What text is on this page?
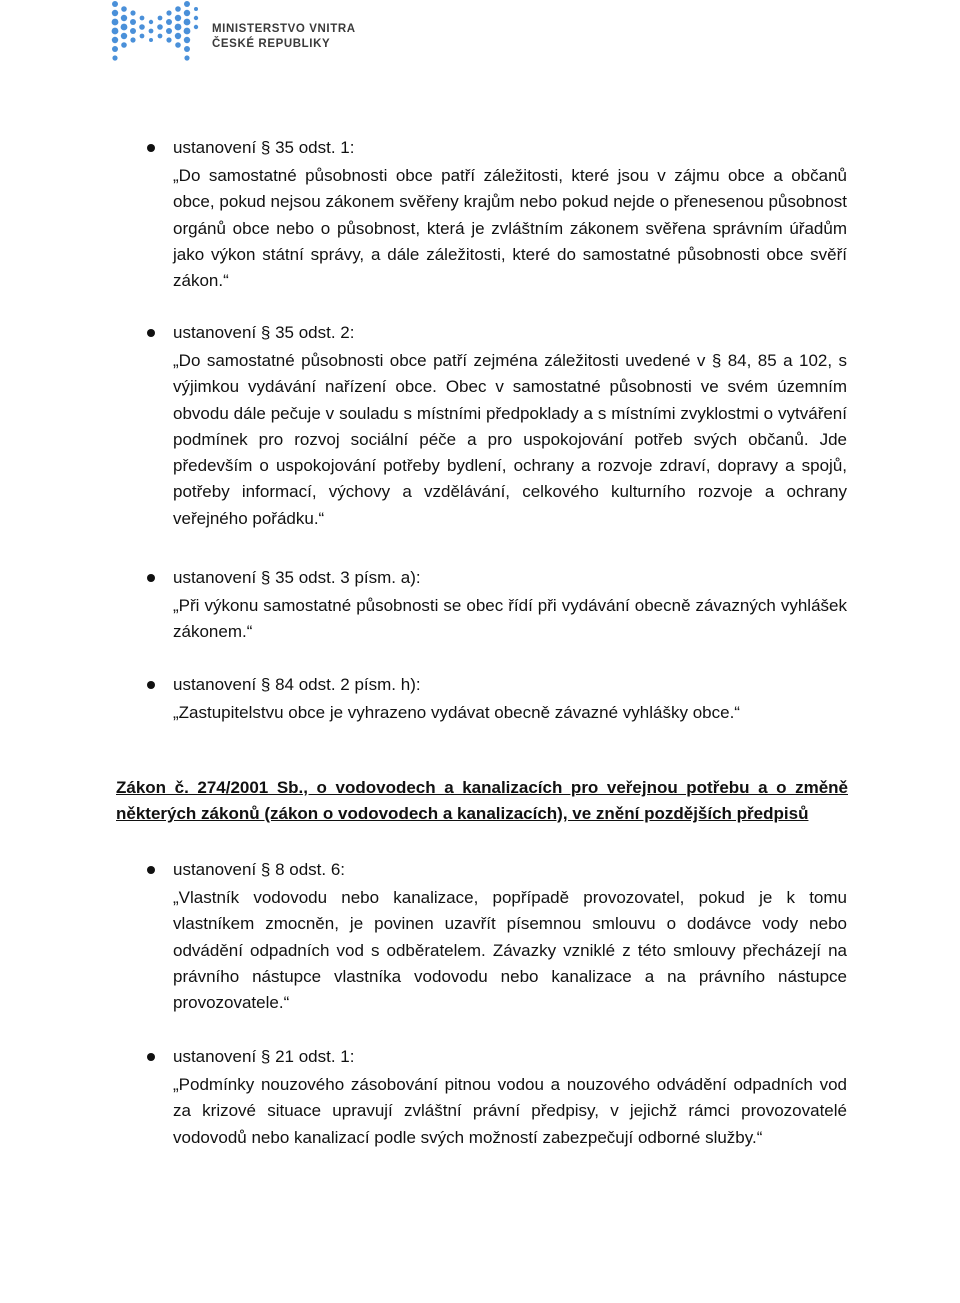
MINISTERSTVO VNITRA
ČESKÉ REPUBLIKY
ustanovení § 35 odst. 1:
„Do samostatné působnosti obce patří záležitosti, které jsou v zájmu obce a občanů obce, pokud nejsou zákonem svěřeny krajům nebo pokud nejde o přenesenou působnost orgánů obce nebo o působnost, která je zvláštním zákonem svěřena správním úřadům jako výkon státní správy, a dále záležitosti, které do samostatné působnosti obce svěří zákon.“
ustanovení § 35 odst. 2:
„Do samostatné působnosti obce patří zejména záležitosti uvedené v § 84, 85 a 102, s výjimkou vydávání nařízení obce. Obec v samostatné působnosti ve svém územním obvodu dále pečuje v souladu s místními předpoklady a s místními zvyklostmi o vytváření podmínek pro rozvoj sociální péče a pro uspokojování potřeb svých občanů. Jde především o uspokojování potřeby bydlení, ochrany a rozvoje zdraví, dopravy a spojů, potřeby informací, výchovy a vzdělávání, celkového kulturního rozvoje a ochrany veřejného pořádku.“
ustanovení § 35 odst. 3 písm. a):
„Při výkonu samostatné působnosti se obec řídí při vydávání obecně závazných vyhlášek zákonem.“
ustanovení § 84 odst. 2 písm. h):
„Zastupitelstvu obce je vyhrazeno vydávat obecně závazné vyhlášky obce.“
Zákon č. 274/2001 Sb., o vodovodech a kanalizacích pro veřejnou potřebu a o změně některých zákonů (zákon o vodovodech a kanalizacích), ve znění pozdějších předpisů
ustanovení § 8 odst. 6:
„Vlastník vodovodu nebo kanalizace, popřípadě provozovatel, pokud je k tomu vlastníkem zmocněn, je povinen uzavřít písemnou smlouvu o dodávce vody nebo odvádění odpadních vod s odběratelem. Závazky vzniklé z této smlouvy přecházejí na právního nástupce vlastníka vodovodu nebo kanalizace a na právního nástupce provozovatele.“
ustanovení § 21 odst. 1:
„Podmínky nouzového zásobování pitnou vodou a nouzového odvádění odpadních vod za krizové situace upravují zvláštní právní předpisy, v jejichž rámci provozovatelé vodovodů nebo kanalizací podle svých možností zabezpečují odborné služby.“
